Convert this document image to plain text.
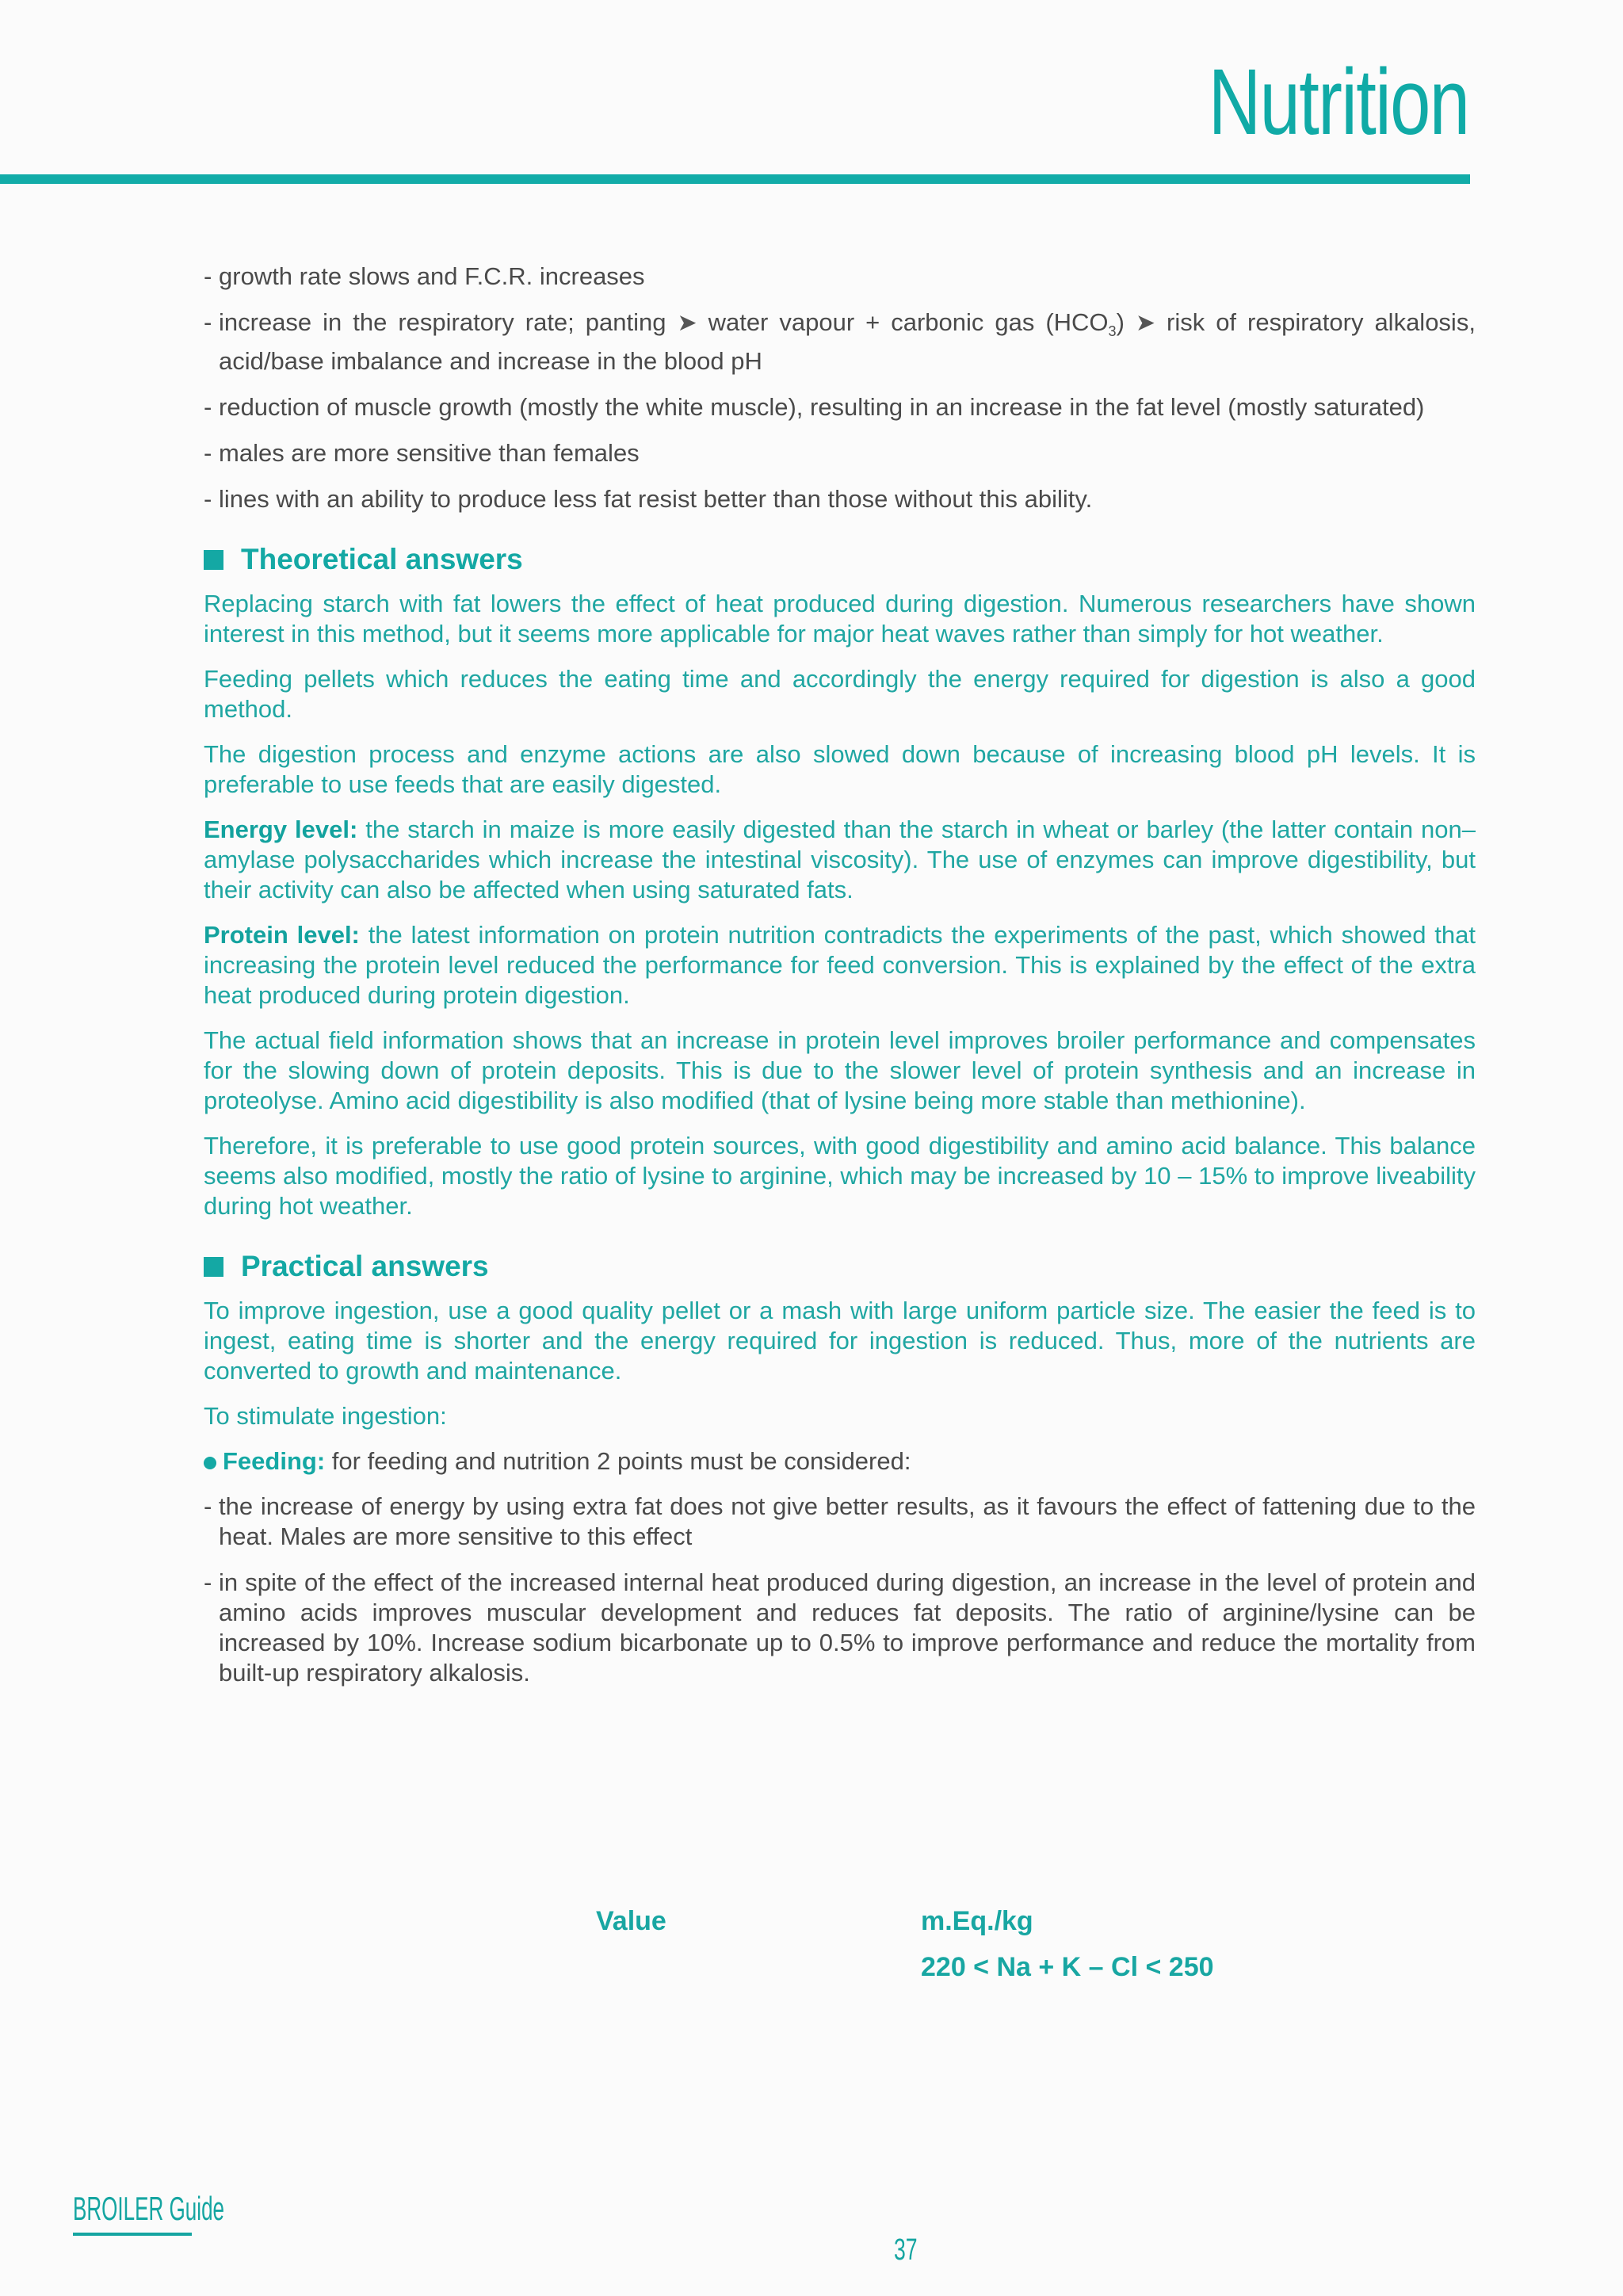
Nutrition
- growth rate slows and F.C.R. increases
- increase in the respiratory rate; panting ➤ water vapour + carbonic gas $(HCO_3)$ ➤ risk of respiratory alkalosis, acid/base imbalance and increase in the blood pH
- reduction of muscle growth (mostly the white muscle), resulting in an increase in the fat level (mostly saturated)
- males are more sensitive than females
- lines with an ability to produce less fat resist better than those without this ability.
Theoretical answers
Replacing starch with fat lowers the effect of heat produced during digestion. Numerous researchers have shown interest in this method, but it seems more applicable for major heat waves rather than simply for hot weather.
Feeding pellets which reduces the eating time and accordingly the energy required for digestion is also a good method.
The digestion process and enzyme actions are also slowed down because of increasing blood pH levels. It is preferable to use feeds that are easily digested.
Energy level: the starch in maize is more easily digested than the starch in wheat or barley (the latter contain non–amylase polysaccharides which increase the intestinal viscosity). The use of enzymes can improve digestibility, but their activity can also be affected when using saturated fats.
Protein level: the latest information on protein nutrition contradicts the experiments of the past, which showed that increasing the protein level reduced the performance for feed conversion. This is explained by the effect of the extra heat produced during protein digestion.
The actual field information shows that an increase in protein level improves broiler performance and compensates for the slowing down of protein deposits. This is due to the slower level of protein synthesis and an increase in proteolyse. Amino acid digestibility is also modified (that of lysine being more stable than methionine).
Therefore, it is preferable to use good protein sources, with good digestibility and amino acid balance. This balance seems also modified, mostly the ratio of lysine to arginine, which may be increased by 10 – 15% to improve liveability during hot weather.
Practical answers
To improve ingestion, use a good quality pellet or a mash with large uniform particle size. The easier the feed is to ingest, eating time is shorter and the energy required for ingestion is reduced. Thus, more of the nutrients are converted to growth and maintenance.
To stimulate ingestion:
Feeding: for feeding and nutrition 2 points must be considered:
- the increase of energy by using extra fat does not give better results, as it favours the effect of fattening due to the heat. Males are more sensitive to this effect
- in spite of the effect of the increased internal heat produced during digestion, an increase in the level of protein and amino acids improves muscular development and reduces fat deposits. The ratio of arginine/lysine can be increased by 10%. Increase sodium bicarbonate up to 0.5% to improve performance and reduce the mortality from built-up respiratory alkalosis.
Value	m.Eq./kg
220 < Na + K – Cl < 250
BROILER Guide
37
